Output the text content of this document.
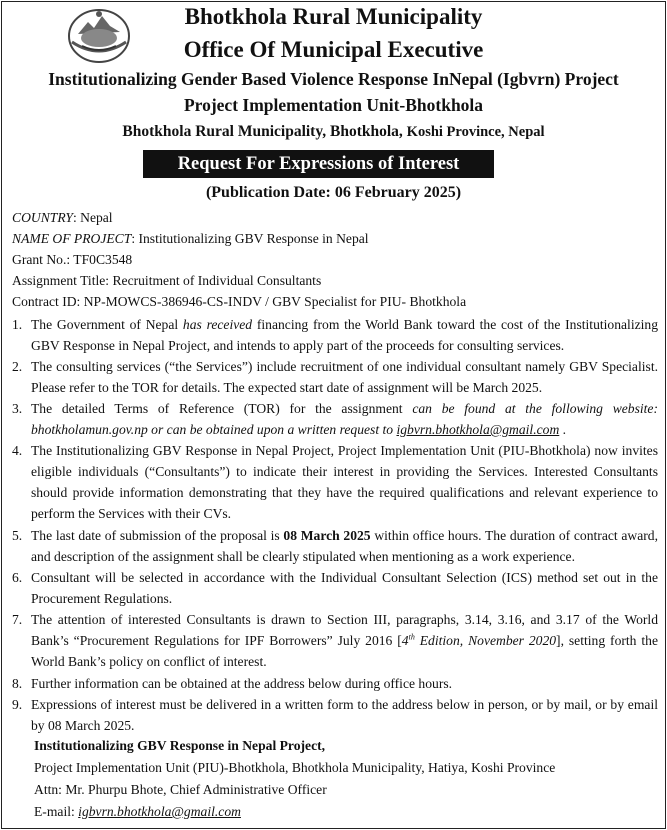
Bhotkhola Rural Municipality
Office Of Municipal Executive
Institutionalizing Gender Based Violence Response InNepal (Igbvrn) Project
Project Implementation Unit-Bhotkhola
Bhotkhola Rural Municipality, Bhotkhola, Koshi Province, Nepal
Request For Expressions of Interest
(Publication Date: 06 February 2025)
COUNTRY: Nepal
NAME OF PROJECT: Institutionalizing GBV Response in Nepal
Grant No.: TF0C3548
Assignment Title: Recruitment of Individual Consultants
Contract ID: NP-MOWCS-386946-CS-INDV / GBV Specialist for PIU- Bhotkhola
1. The Government of Nepal has received financing from the World Bank toward the cost of the Institutionalizing GBV Response in Nepal Project, and intends to apply part of the proceeds for consulting services.
2. The consulting services (“the Services”) include recruitment of one individual consultant namely GBV Specialist. Please refer to the TOR for details. The expected start date of assignment will be March 2025.
3. The detailed Terms of Reference (TOR) for the assignment can be found at the following website: bhotkholamun.gov.np or can be obtained upon a written request to igbvrn.bhotkhola@gmail.com .
4. The Institutionalizing GBV Response in Nepal Project, Project Implementation Unit (PIU-Bhotkhola) now invites eligible individuals (“Consultants”) to indicate their interest in providing the Services. Interested Consultants should provide information demonstrating that they have the required qualifications and relevant experience to perform the Services with their CVs.
5. The last date of submission of the proposal is 08 March 2025 within office hours. The duration of contract award, and description of the assignment shall be clearly stipulated when mentioning as a work experience.
6. Consultant will be selected in accordance with the Individual Consultant Selection (ICS) method set out in the Procurement Regulations.
7. The attention of interested Consultants is drawn to Section III, paragraphs, 3.14, 3.16, and 3.17 of the World Bank’s “Procurement Regulations for IPF Borrowers” July 2016 [4th Edition, November 2020], setting forth the World Bank’s policy on conflict of interest.
8. Further information can be obtained at the address below during office hours.
9. Expressions of interest must be delivered in a written form to the address below in person, or by mail, or by email by 08 March 2025.
Institutionalizing GBV Response in Nepal Project,
Project Implementation Unit (PIU)-Bhotkhola, Bhotkhola Municipality, Hatiya, Koshi Province
Attn: Mr. Phurpu Bhote, Chief Administrative Officer
E-mail: igbvrn.bhotkhola@gmail.com
